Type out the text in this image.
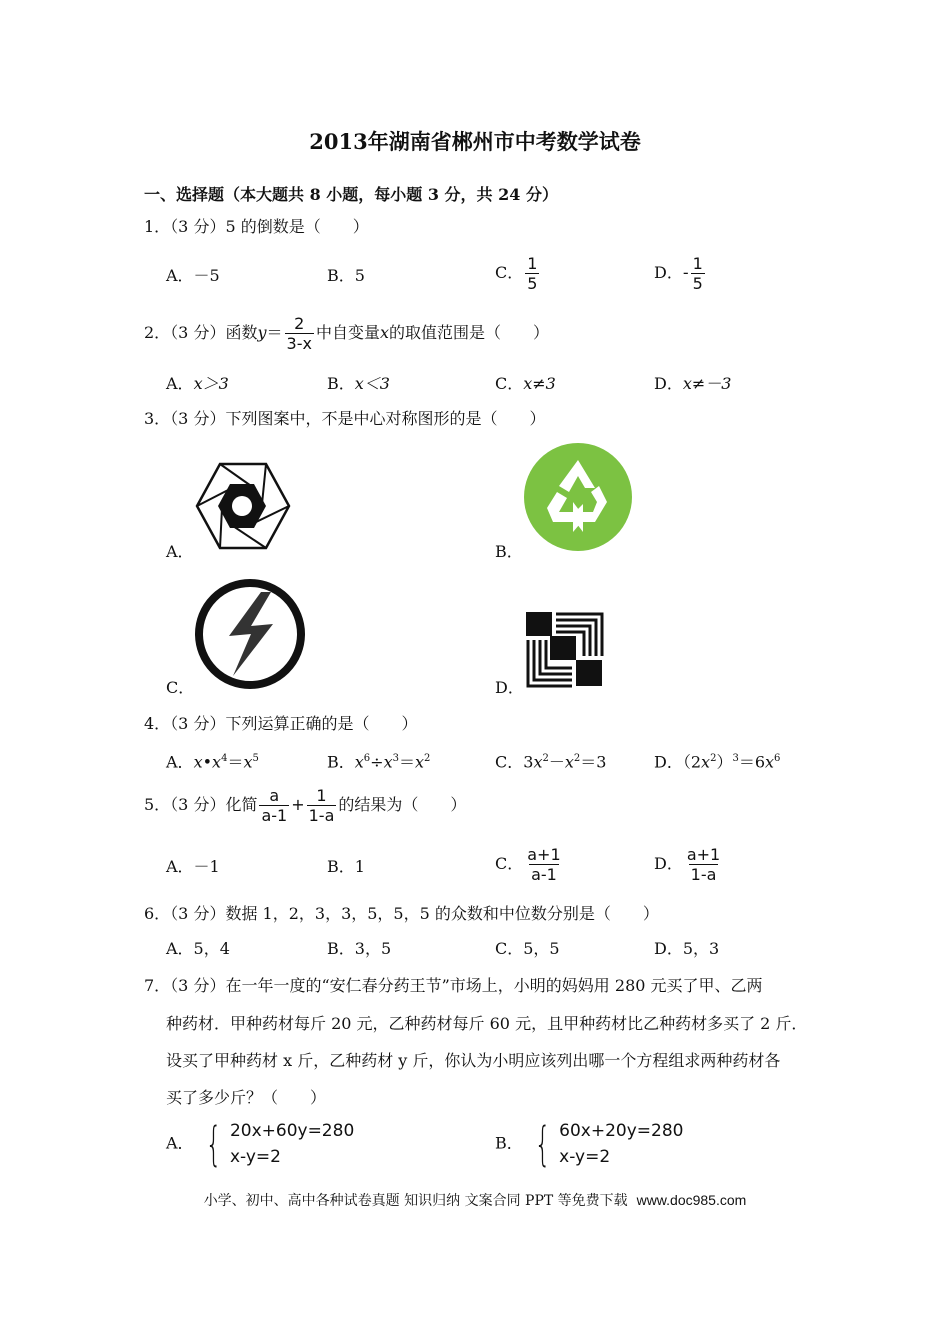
2013年湖南省郴州市中考数学试卷
一、选择题（本大题共 8 小题，每小题 3 分，共 24 分）
1．（3 分）5 的倒数是（　　）
A．－5	B．5	C． $\frac{1}{5}$	D．- $\frac{1}{5}$
2．（3 分）函数$y= \frac{2}{3-x}$ 中自变量x的取值范围是（　　）
A．x＞3	B．x＜3	C．x≠3	D．x≠－3
3．（3 分）下列图案中，不是中心对称图形的是（　　）
A．	B．
C．	D．
4．（3 分）下列运算正确的是（　　）
A．$x•x^4=x^5$	B．$x^6\div x^3=x^2$	C．$3x^2-x^2=3$	D．$(2x^2)^3=6x^6$
5．（3 分）化简 $\frac{a}{a-1} + \frac{1}{1-a}$ 的结果为（　　）
A．－1	B．1	C． $\frac{a+1}{a-1}$	D． $\frac{a+1}{1-a}$
6．（3 分）数据 1，2，3，3，5，5，5 的众数和中位数分别是（　　）
A．5，4	B．3，5	C．5，5	D．5，3
7．（3 分）在一年一度的“安仁春分药王节”市场上，小明的妈妈用 280 元买了甲、乙两
种药材．甲种药材每斤 20 元，乙种药材每斤 60 元，且甲种药材比乙种药材多买了 2 斤．
设买了甲种药材 x 斤，乙种药材 y 斤，你认为小明应该列出哪一个方程组求两种药材各
买了多少斤？（　　）
A． { 20x+60y=280
x-y=2
B． { 60x+20y=280
x-y=2
小学、初中、高中各种试卷真题 知识归纳 文案合同 PPT 等免费下载 www.doc985.com
